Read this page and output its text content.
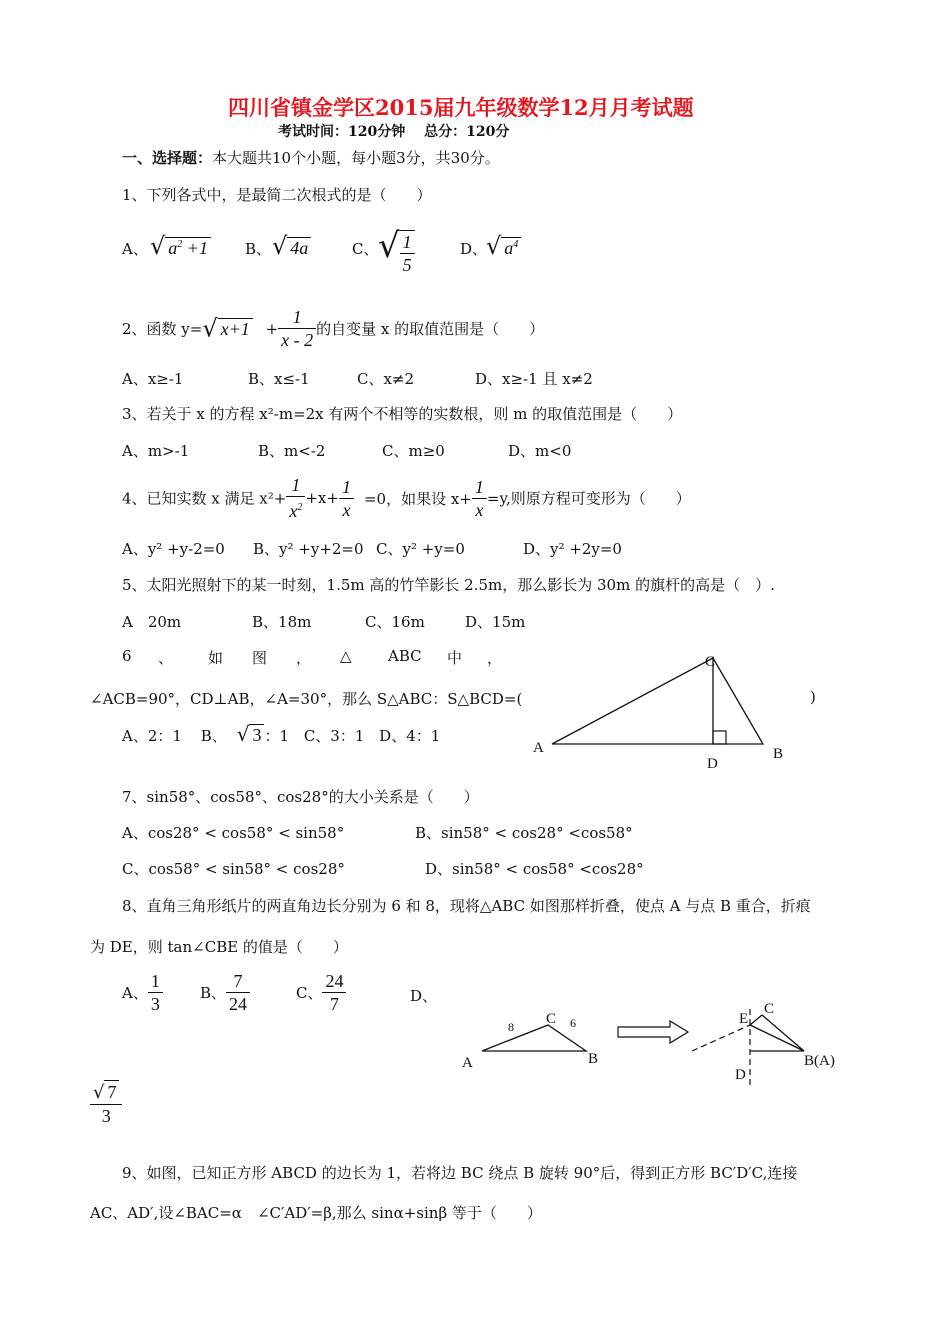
四川省镇金学区2015届九年级数学12月月考试题
考试时间：120分钟　 总分：120分
一、选择题：本大题共10个小题，每小题3分，共30分。
1、下列各式中，是最简二次根式的是（　　）
A、 √ $a^2 +1$ B、 √ 4a	C、 √ $\frac{1}{5}$	D、
√ $a^4$
2、函数 y=√ $x+1 + \frac{1}{x - 2}$ 的自变量 x 的取值范围是（　　）
A、x≥-1	B、x≤-1	C、x≠2	D、x≥-1 且 x≠2
3、若关于 x 的方程 x²-m=2x 有两个不相等的实数根，则 m 的取值范围是（　　）
A、m>-1	B、m<-2	C、m≥0	D、m<0
4、已知实数 x 满足 $x^2+ \frac{1}{x^2} +x+ \frac{1}{x} =0$，如果设 $x+ \frac{1}{x} =y$,则原方程可变形为（　　）
A、y² +y-2=0 B、y² +y+2=0 C、y² +y=0	D、y² +2y=0
5、太阳光照射下的某一时刻，1.5m 高的竹竿影长 2.5m，那么影长为 30m 的旗杆的高是（　）.
A　20m	B、18m	C、16m	D、15m
6 、 如 图 ， △ ABC 中 ，
∠ACB=90°，CD⊥AB，∠A=30°，那么 S△ABC：S△BCD=(	)
A、2：1 B、 √ 3 ：1 C、3：1 D、4：1
A	B
C
D
7、sin58°、cos58°、cos28°的大小关系是（　　）
A、cos28° < cos58° < sin58°	B、sin58° < cos28° <cos58°
C、cos58° < sin58° < cos28°	D、sin58° < cos58° <cos28°
8、直角三角形纸片的两直角边长分别为 6 和 8，现将△ABC 如图那样折叠，使点 A 与点 B 重合，折痕
为 DE，则 tan∠CBE 的值是（　　）
A、 $\frac{1}{3}$ B、 $\frac{7}{24}$	C、 $\frac{24}{7}$	D、
$\frac{√ 7}{3}$
A	B
C
8	6	E
C
D
B(A)
9、如图，已知正方形 ABCD 的边长为 1，若将边 BC 绕点 B 旋转 90°后，得到正方形 BC′D′C,连接
AC、AD′,设∠BAC=α　∠C′AD′=β,那么 sinα+sinβ 等于（　　）
